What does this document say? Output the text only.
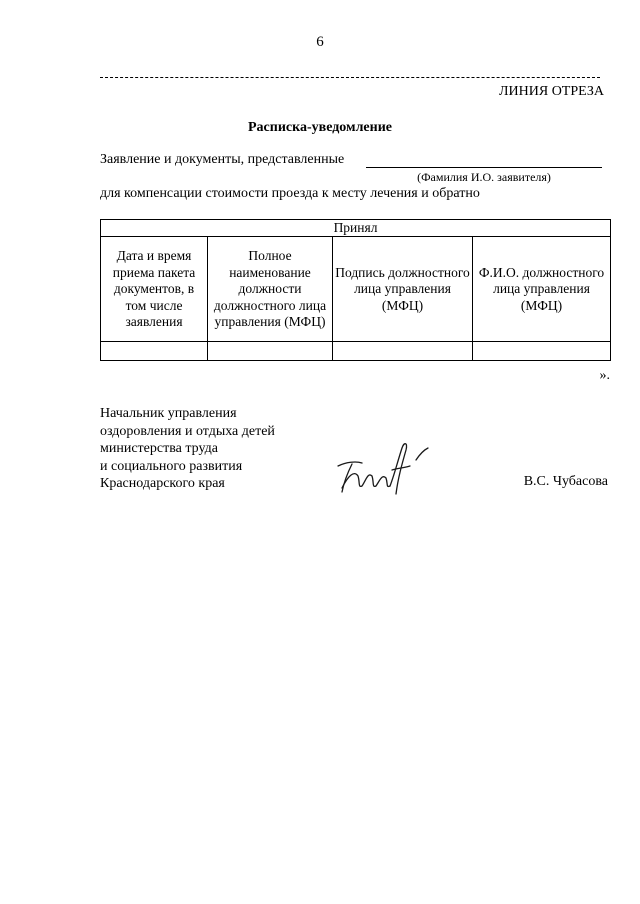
6
ЛИНИЯ ОТРЕЗА
Расписка-уведомление
Заявление и документы, представленные
(Фамилия И.О. заявителя)
для компенсации стоимости проезда к месту лечения и обратно
Принял			
Дата и время приема пакета документов, в том числе заявления	Полное наименование должности должностного лица управления (МФЦ)	Подпись должностного лица управления (МФЦ)	Ф.И.О. должностного лица управления (МФЦ)

».
Начальник управления
оздоровления и отдыха детей
министерства труда
и социального развития
Краснодарского края	В.С. Чубасова
